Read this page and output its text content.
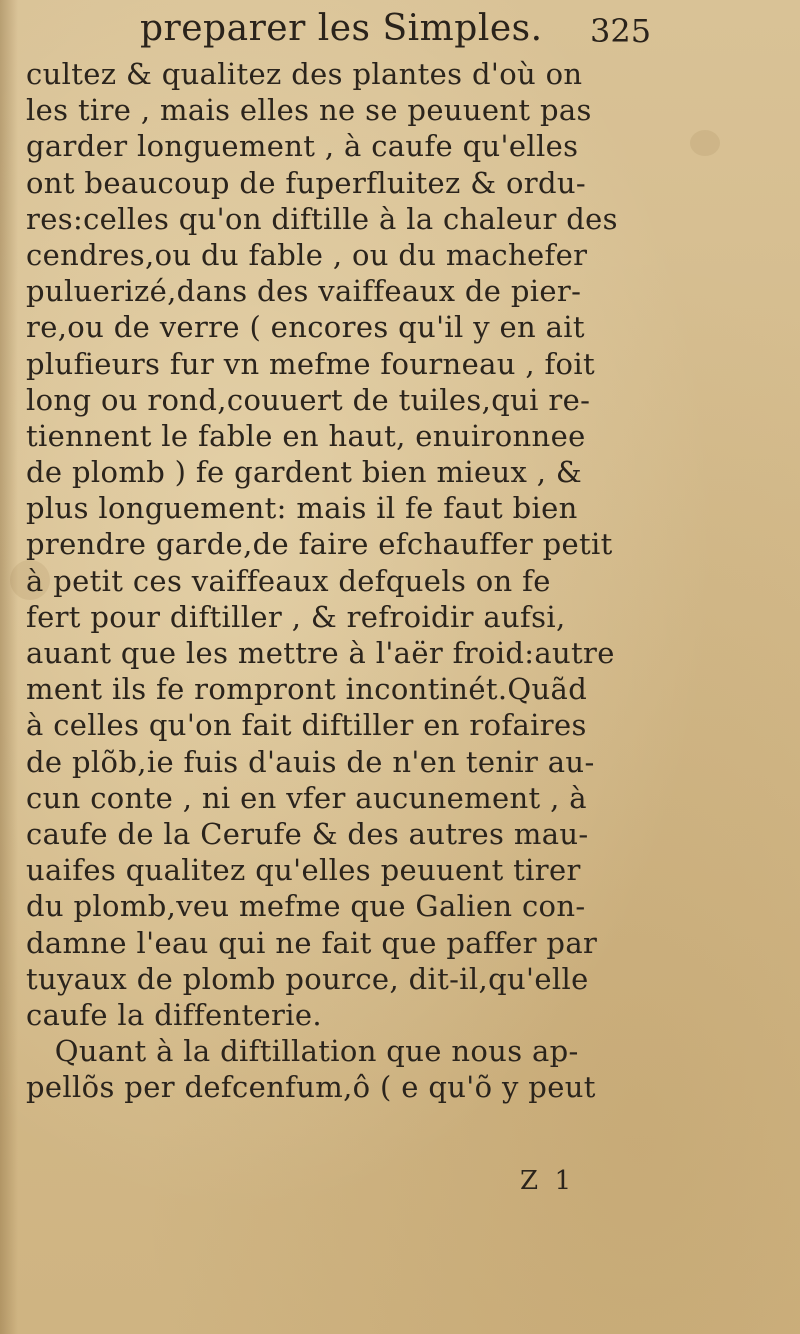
preparer les Simples. 325
cultez & qualitez des plantes d'où on
les tire , mais elles ne se peuuent pas
garder longuement , à caufe qu'elles
ont beaucoup de fuperfluitez & ordu-
res:celles qu'on diftille à la chaleur des
cendres,ou du fable , ou du machefer
puluerizé,dans des vaiffeaux de pier-
re,ou de verre ( encores qu'il y en ait
plufieurs fur vn mefme fourneau , foit
long ou rond,couuert de tuiles,qui re-
tiennent le fable en haut, enuironnee
de plomb ) fe gardent bien mieux , &
plus longuement: mais il fe faut bien
prendre garde,de faire efchauffer petit
à petit ces vaiffeaux defquels on fe
fert pour diftiller , & refroidir aufsi,
auant que les mettre à l'aër froid:autre
ment ils fe rompront incontinét.Quãd
à celles qu'on fait diftiller en rofaires
de plõb,ie fuis d'auis de n'en tenir au-
cun conte , ni en vfer aucunement , à
caufe de la Cerufe & des autres mau-
uaifes qualitez qu'elles peuuent tirer
du plomb,veu mefme que Galien con-
damne l'eau qui ne fait que paffer par
tuyaux de plomb pource, dit-il,qu'elle
caufe la diffenterie.
Quant à la diftillation que nous ap-
pellõs per defcenfum,ô ( e qu'õ y peut
Z  1
